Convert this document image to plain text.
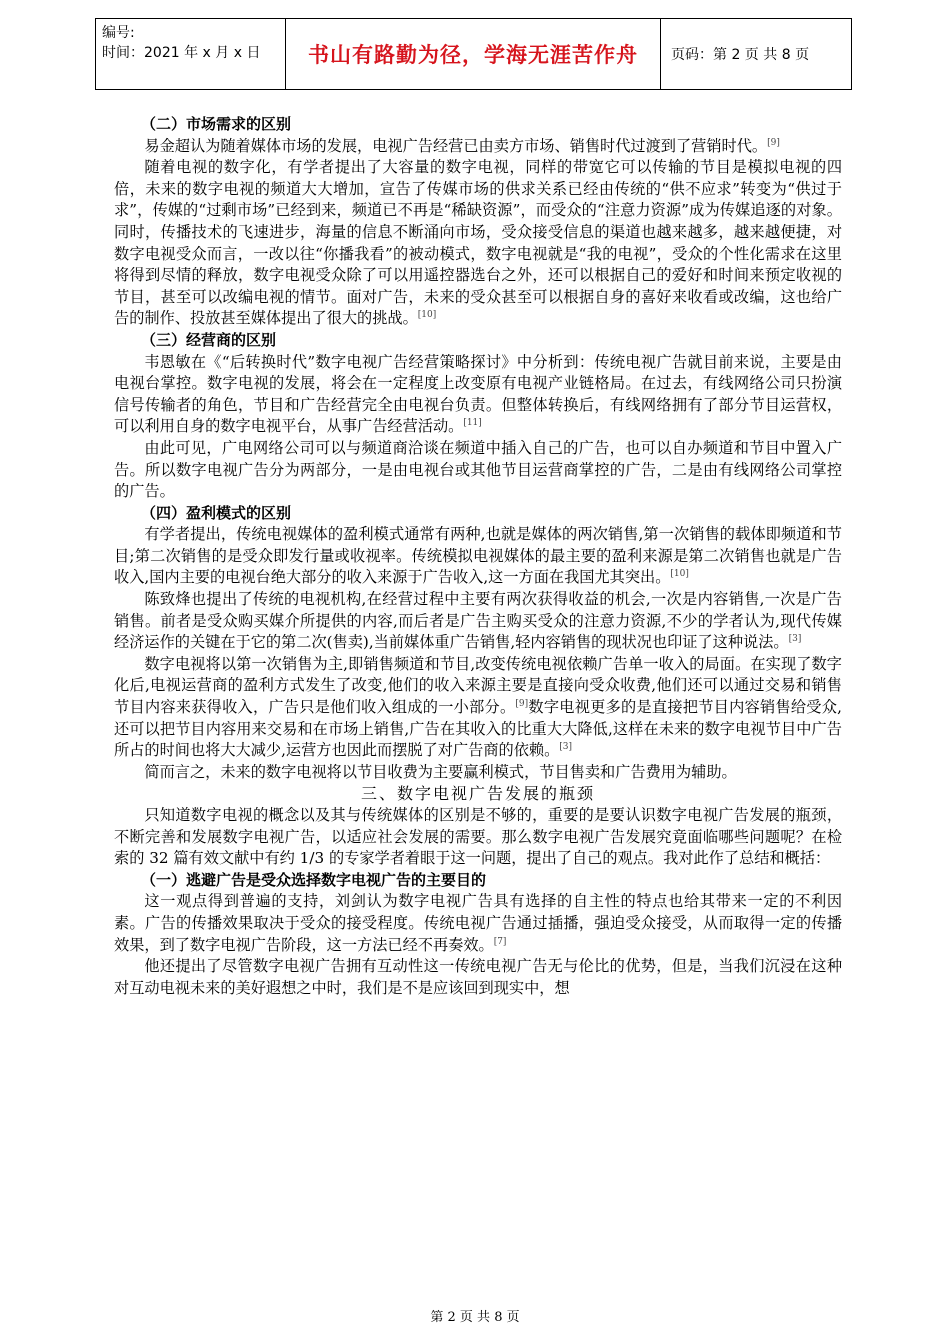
编号:
时间：2021 年 x 月 x 日	书山有路勤为径，学海无涯苦作舟	页码：第 2 页 共 8 页

（二）市场需求的区别

易金超认为随着媒体市场的发展，电视广告经营已由卖方市场、销售时代过渡到了营销时代。[9]

随着电视的数字化，有学者提出了大容量的数字电视，同样的带宽它可以传输的节目是模拟电视的四倍，未来的数字电视的频道大大增加，宣告了传媒市场的供求关系已经由传统的“供不应求”转变为“供过于求”，传媒的“过剩市场”已经到来，频道已不再是“稀缺资源”，而受众的“注意力资源”成为传媒追逐的对象。同时，传播技术的飞速进步，海量的信息不断涌向市场，受众接受信息的渠道也越来越多，越来越便捷，对数字电视受众而言，一改以往“你播我看”的被动模式，数字电视就是“我的电视”，受众的个性化需求在这里将得到尽情的释放，数字电视受众除了可以用遥控器选台之外，还可以根据自己的爱好和时间来预定收视的节目，甚至可以改编电视的情节。面对广告，未来的受众甚至可以根据自身的喜好来收看或改编，这也给广告的制作、投放甚至媒体提出了很大的挑战。[10]

（三）经营商的区别

韦恩敏在《“后转换时代”数字电视广告经营策略探讨》中分析到：传统电视广告就目前来说，主要是由电视台掌控。数字电视的发展，将会在一定程度上改变原有电视产业链格局。在过去，有线网络公司只扮演信号传输者的角色，节目和广告经营完全由电视台负责。但整体转换后，有线网络拥有了部分节目运营权，可以利用自身的数字电视平台，从事广告经营活动。[11]

由此可见，广电网络公司可以与频道商洽谈在频道中插入自己的广告，也可以自办频道和节目中置入广告。所以数字电视广告分为两部分，一是由电视台或其他节目运营商掌控的广告，二是由有线网络公司掌控的广告。

（四）盈利模式的区别

有学者提出，传统电视媒体的盈利模式通常有两种,也就是媒体的两次销售,第一次销售的载体即频道和节目;第二次销售的是受众即发行量或收视率。传统模拟电视媒体的最主要的盈利来源是第二次销售也就是广告收入,国内主要的电视台绝大部分的收入来源于广告收入,这一方面在我国尤其突出。[10]

陈致烽也提出了传统的电视机构,在经营过程中主要有两次获得收益的机会,一次是内容销售,一次是广告销售。前者是受众购买媒介所提供的内容,而后者是广告主购买受众的注意力资源,不少的学者认为,现代传媒经济运作的关键在于它的第二次(售卖),当前媒体重广告销售,轻内容销售的现状况也印证了这种说法。[3]

数字电视将以第一次销售为主,即销售频道和节目,改变传统电视依赖广告单一收入的局面。在实现了数字化后,电视运营商的盈利方式发生了改变,他们的收入来源主要是直接向受众收费,他们还可以通过交易和销售节目内容来获得收入，广告只是他们收入组成的一小部分。[9]数字电视更多的是直接把节目内容销售给受众,还可以把节目内容用来交易和在市场上销售,广告在其收入的比重大大降低,这样在未来的数字电视节目中广告所占的时间也将大大减少,运营方也因此而摆脱了对广告商的依赖。[3]

简而言之，未来的数字电视将以节目收费为主要赢利模式，节目售卖和广告费用为辅助。

三、数字电视广告发展的瓶颈

只知道数字电视的概念以及其与传统媒体的区别是不够的，重要的是要认识数字电视广告发展的瓶颈，不断完善和发展数字电视广告，以适应社会发展的需要。那么数字电视广告发展究竟面临哪些问题呢？在检索的 32 篇有效文献中有约 1/3 的专家学者着眼于这一问题，提出了自己的观点。我对此作了总结和概括：

（一）逃避广告是受众选择数字电视广告的主要目的

这一观点得到普遍的支持，刘剑认为数字电视广告具有选择的自主性的特点也给其带来一定的不利因素。广告的传播效果取决于受众的接受程度。传统电视广告通过插播，强迫受众接受，从而取得一定的传播效果，到了数字电视广告阶段，这一方法已经不再奏效。[7]

他还提出了尽管数字电视广告拥有互动性这一传统电视广告无与伦比的优势，但是，当我们沉浸在这种对互动电视未来的美好遐想之中时，我们是不是应该回到现实中，想

第 2 页 共 8 页
